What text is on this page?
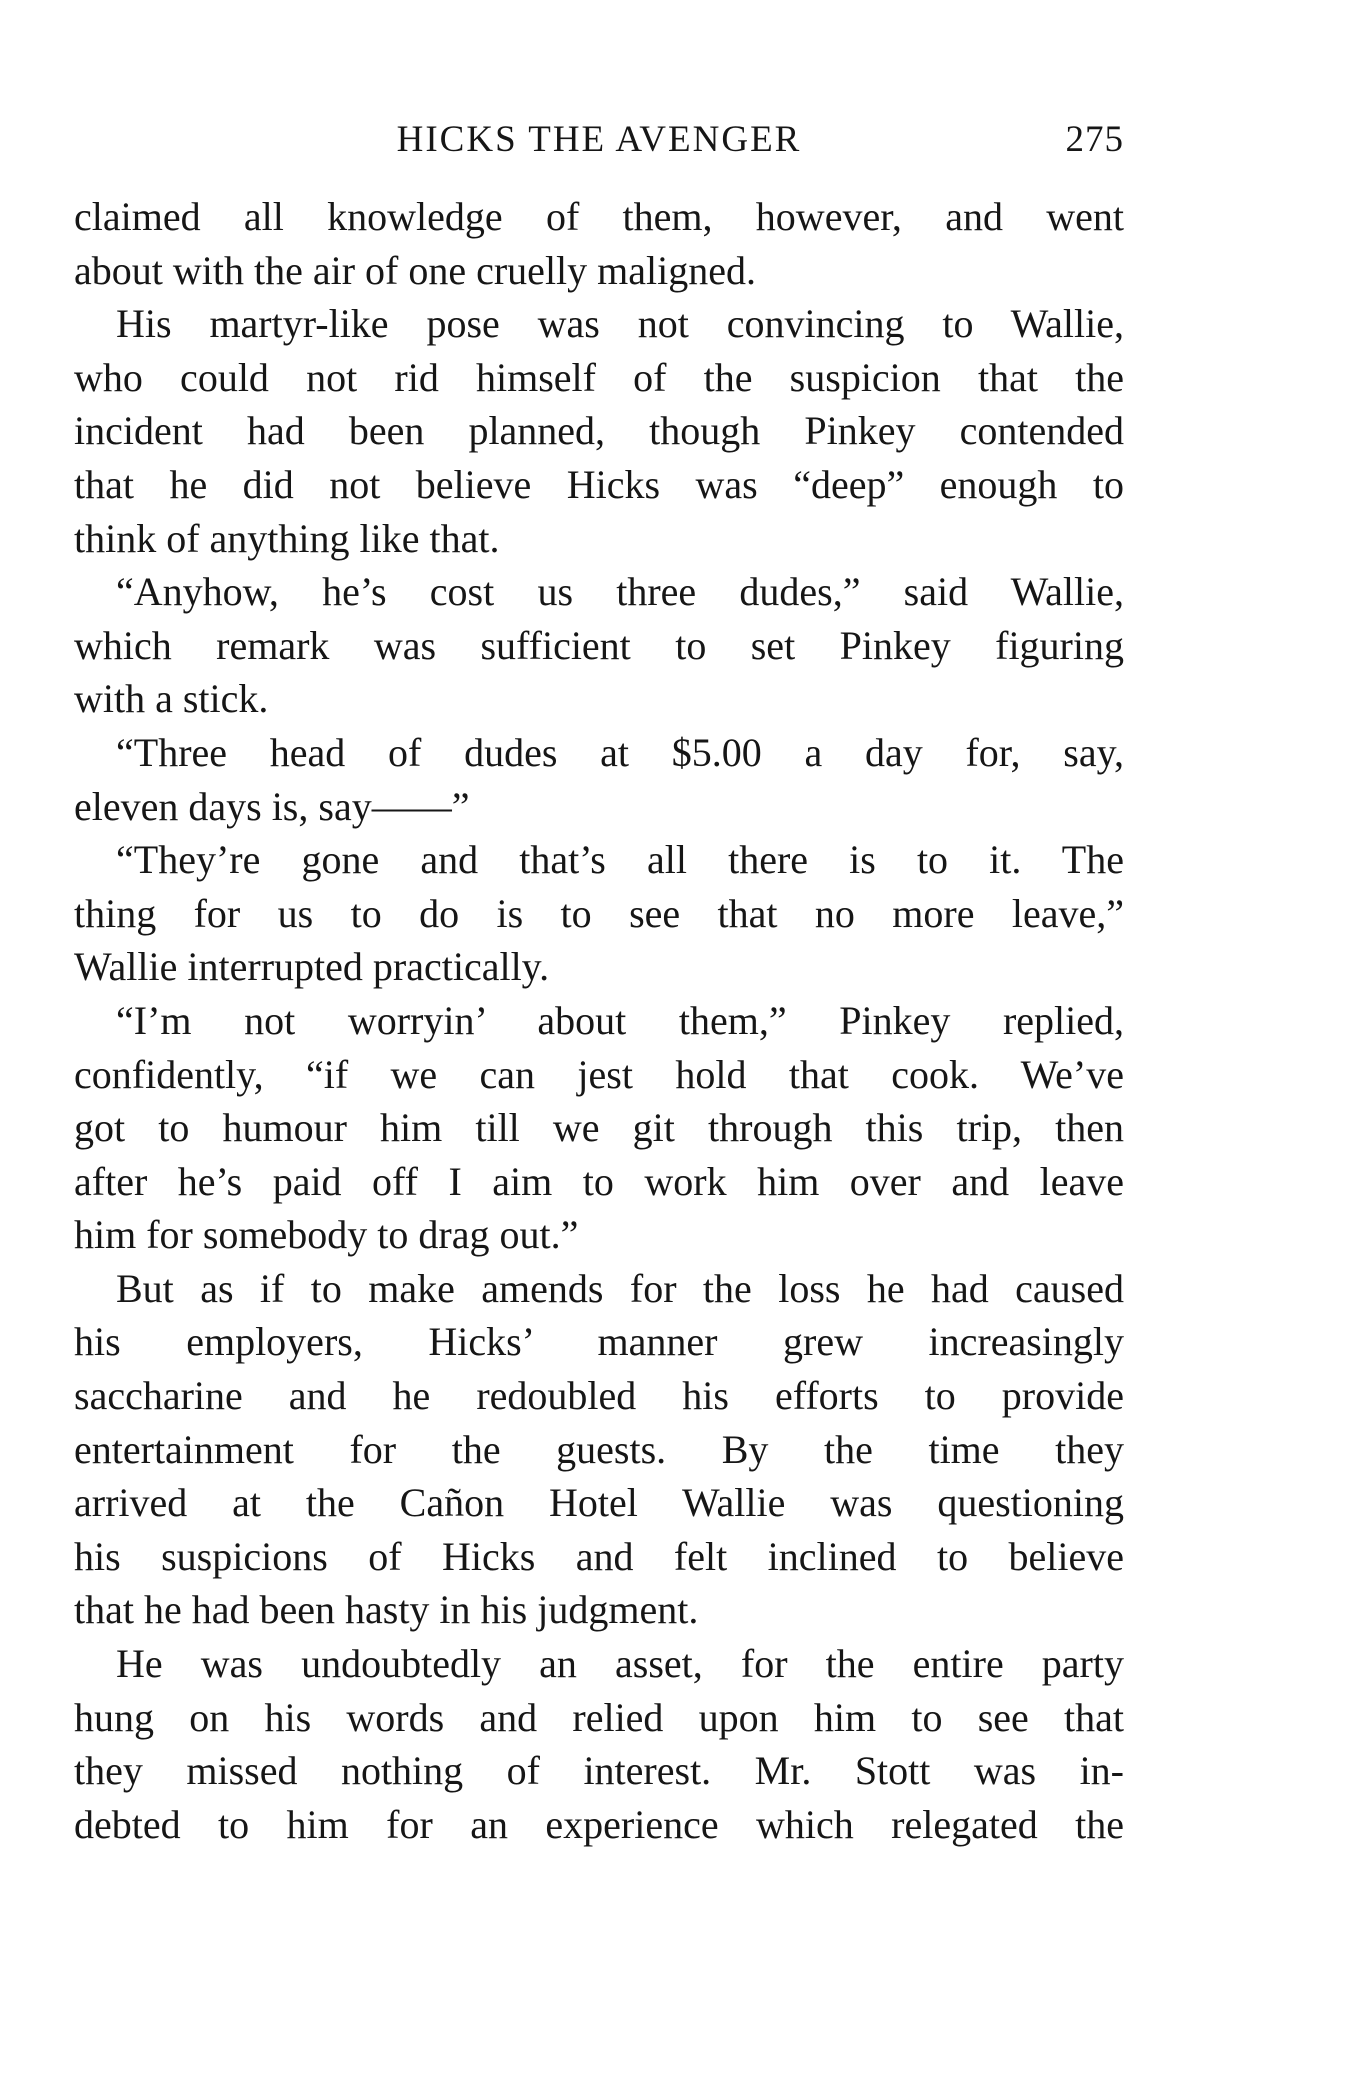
HICKS THE AVENGER	275
claimed all knowledge of them, however, and went
about with the air of one cruelly maligned.
His martyr-like pose was not convincing to Wallie,
who could not rid himself of the suspicion that the
incident had been planned, though Pinkey contended
that he did not believe Hicks was “deep” enough to
think of anything like that.
“Anyhow, he’s cost us three dudes,” said Wallie,
which remark was sufficient to set Pinkey figuring
with a stick.
“Three head of dudes at $5.00 a day for, say,
eleven days is, say——”
“They’re gone and that’s all there is to it. The
thing for us to do is to see that no more leave,”
Wallie interrupted practically.
“I’m not worryin’ about them,” Pinkey replied,
confidently, “if we can jest hold that cook. We’ve
got to humour him till we git through this trip, then
after he’s paid off I aim to work him over and leave
him for somebody to drag out.”
But as if to make amends for the loss he had caused
his employers, Hicks’ manner grew increasingly
saccharine and he redoubled his efforts to provide
entertainment for the guests. By the time they
arrived at the Cañon Hotel Wallie was questioning
his suspicions of Hicks and felt inclined to believe
that he had been hasty in his judgment.
He was undoubtedly an asset, for the entire party
hung on his words and relied upon him to see that
they missed nothing of interest. Mr. Stott was in-
debted to him for an experience which relegated the
